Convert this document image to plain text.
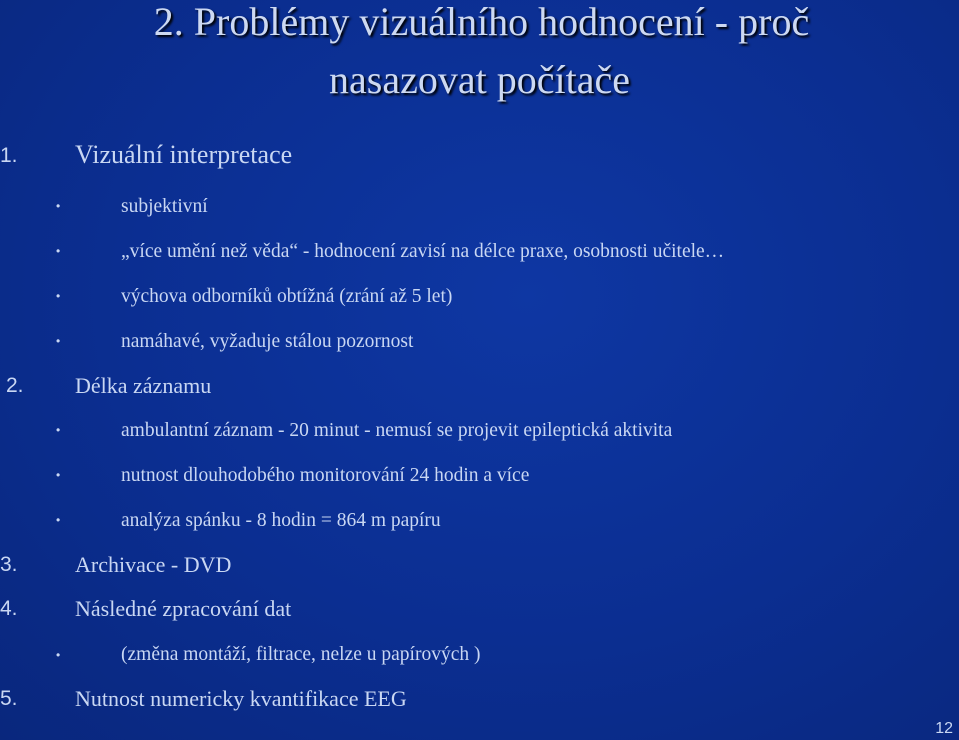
2. Problémy vizuálního hodnocení - proč
nasazovat počítače
1. Vizuální interpretace
•	subjektivní
•	„více umění než věda“ - hodnocení zavisí na délce praxe, osobnosti učitele…
•	výchova odborníků obtížná (zrání až 5 let)
•	namáhavé, vyžaduje stálou pozornost
2. Délka záznamu
•	ambulantní záznam - 20 minut - nemusí se projevit epileptická aktivita
•	nutnost dlouhodobého monitorování 24 hodin a více
•	analýza spánku - 8 hodin = 864 m papíru
3.	Archivace - DVD
4.	Následné zpracování dat
•	(změna montáží, filtrace, nelze u papírových )
5.	Nutnost numericky kvantifikace EEG
12
